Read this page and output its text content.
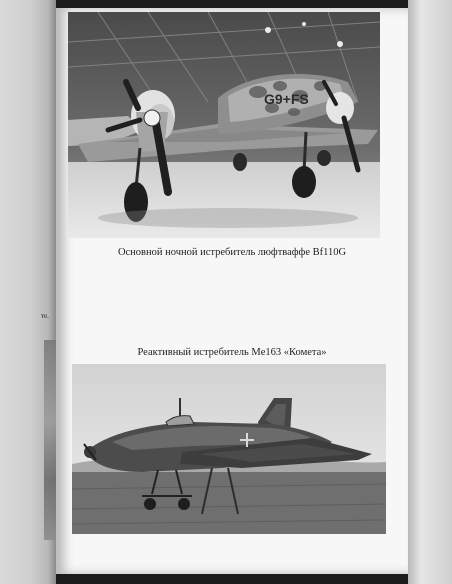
те.
G9+FS
Основной ночной истребитель люфтваффе Bf110G
Реактивный истребитель Me163 «Комета»
